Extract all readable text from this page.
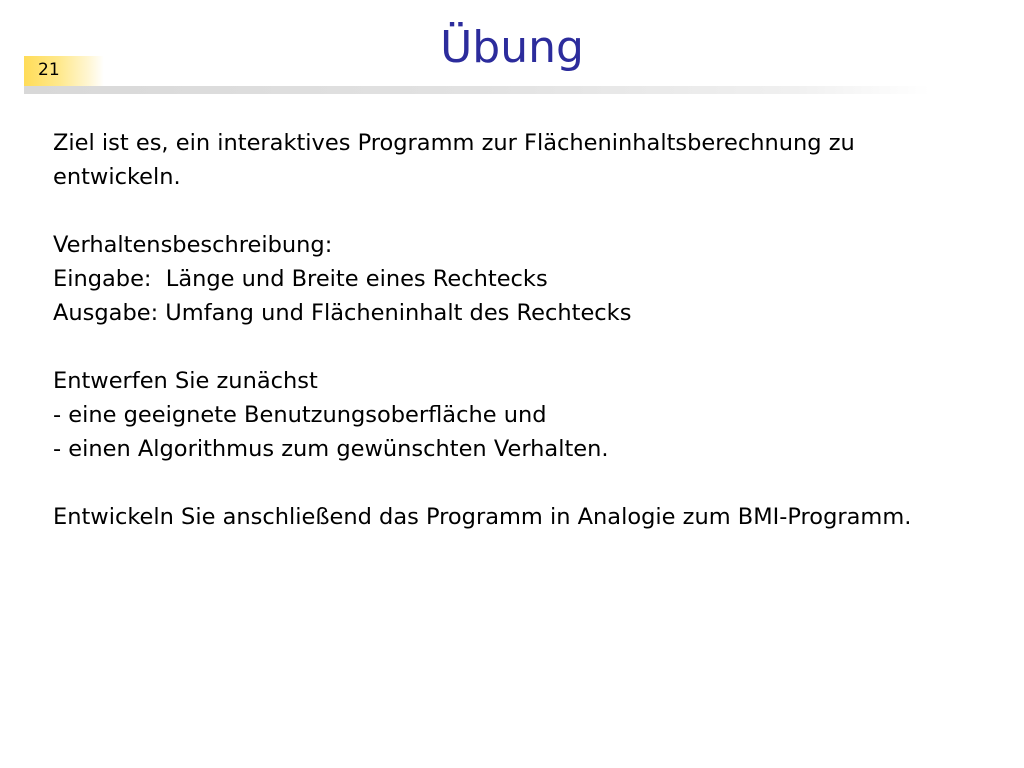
21	Übung

Ziel ist es, ein interaktives Programm zur Flächeninhaltsberechnung zu entwickeln.

Verhaltensbeschreibung:

Eingabe:  Länge und Breite eines Rechtecks

Ausgabe: Umfang und Flächeninhalt des Rechtecks

Entwerfen Sie zunächst

- eine geeignete Benutzungsoberfläche und

- einen Algorithmus zum gewünschten Verhalten.

Entwickeln Sie anschließend das Programm in Analogie zum BMI-Programm.
